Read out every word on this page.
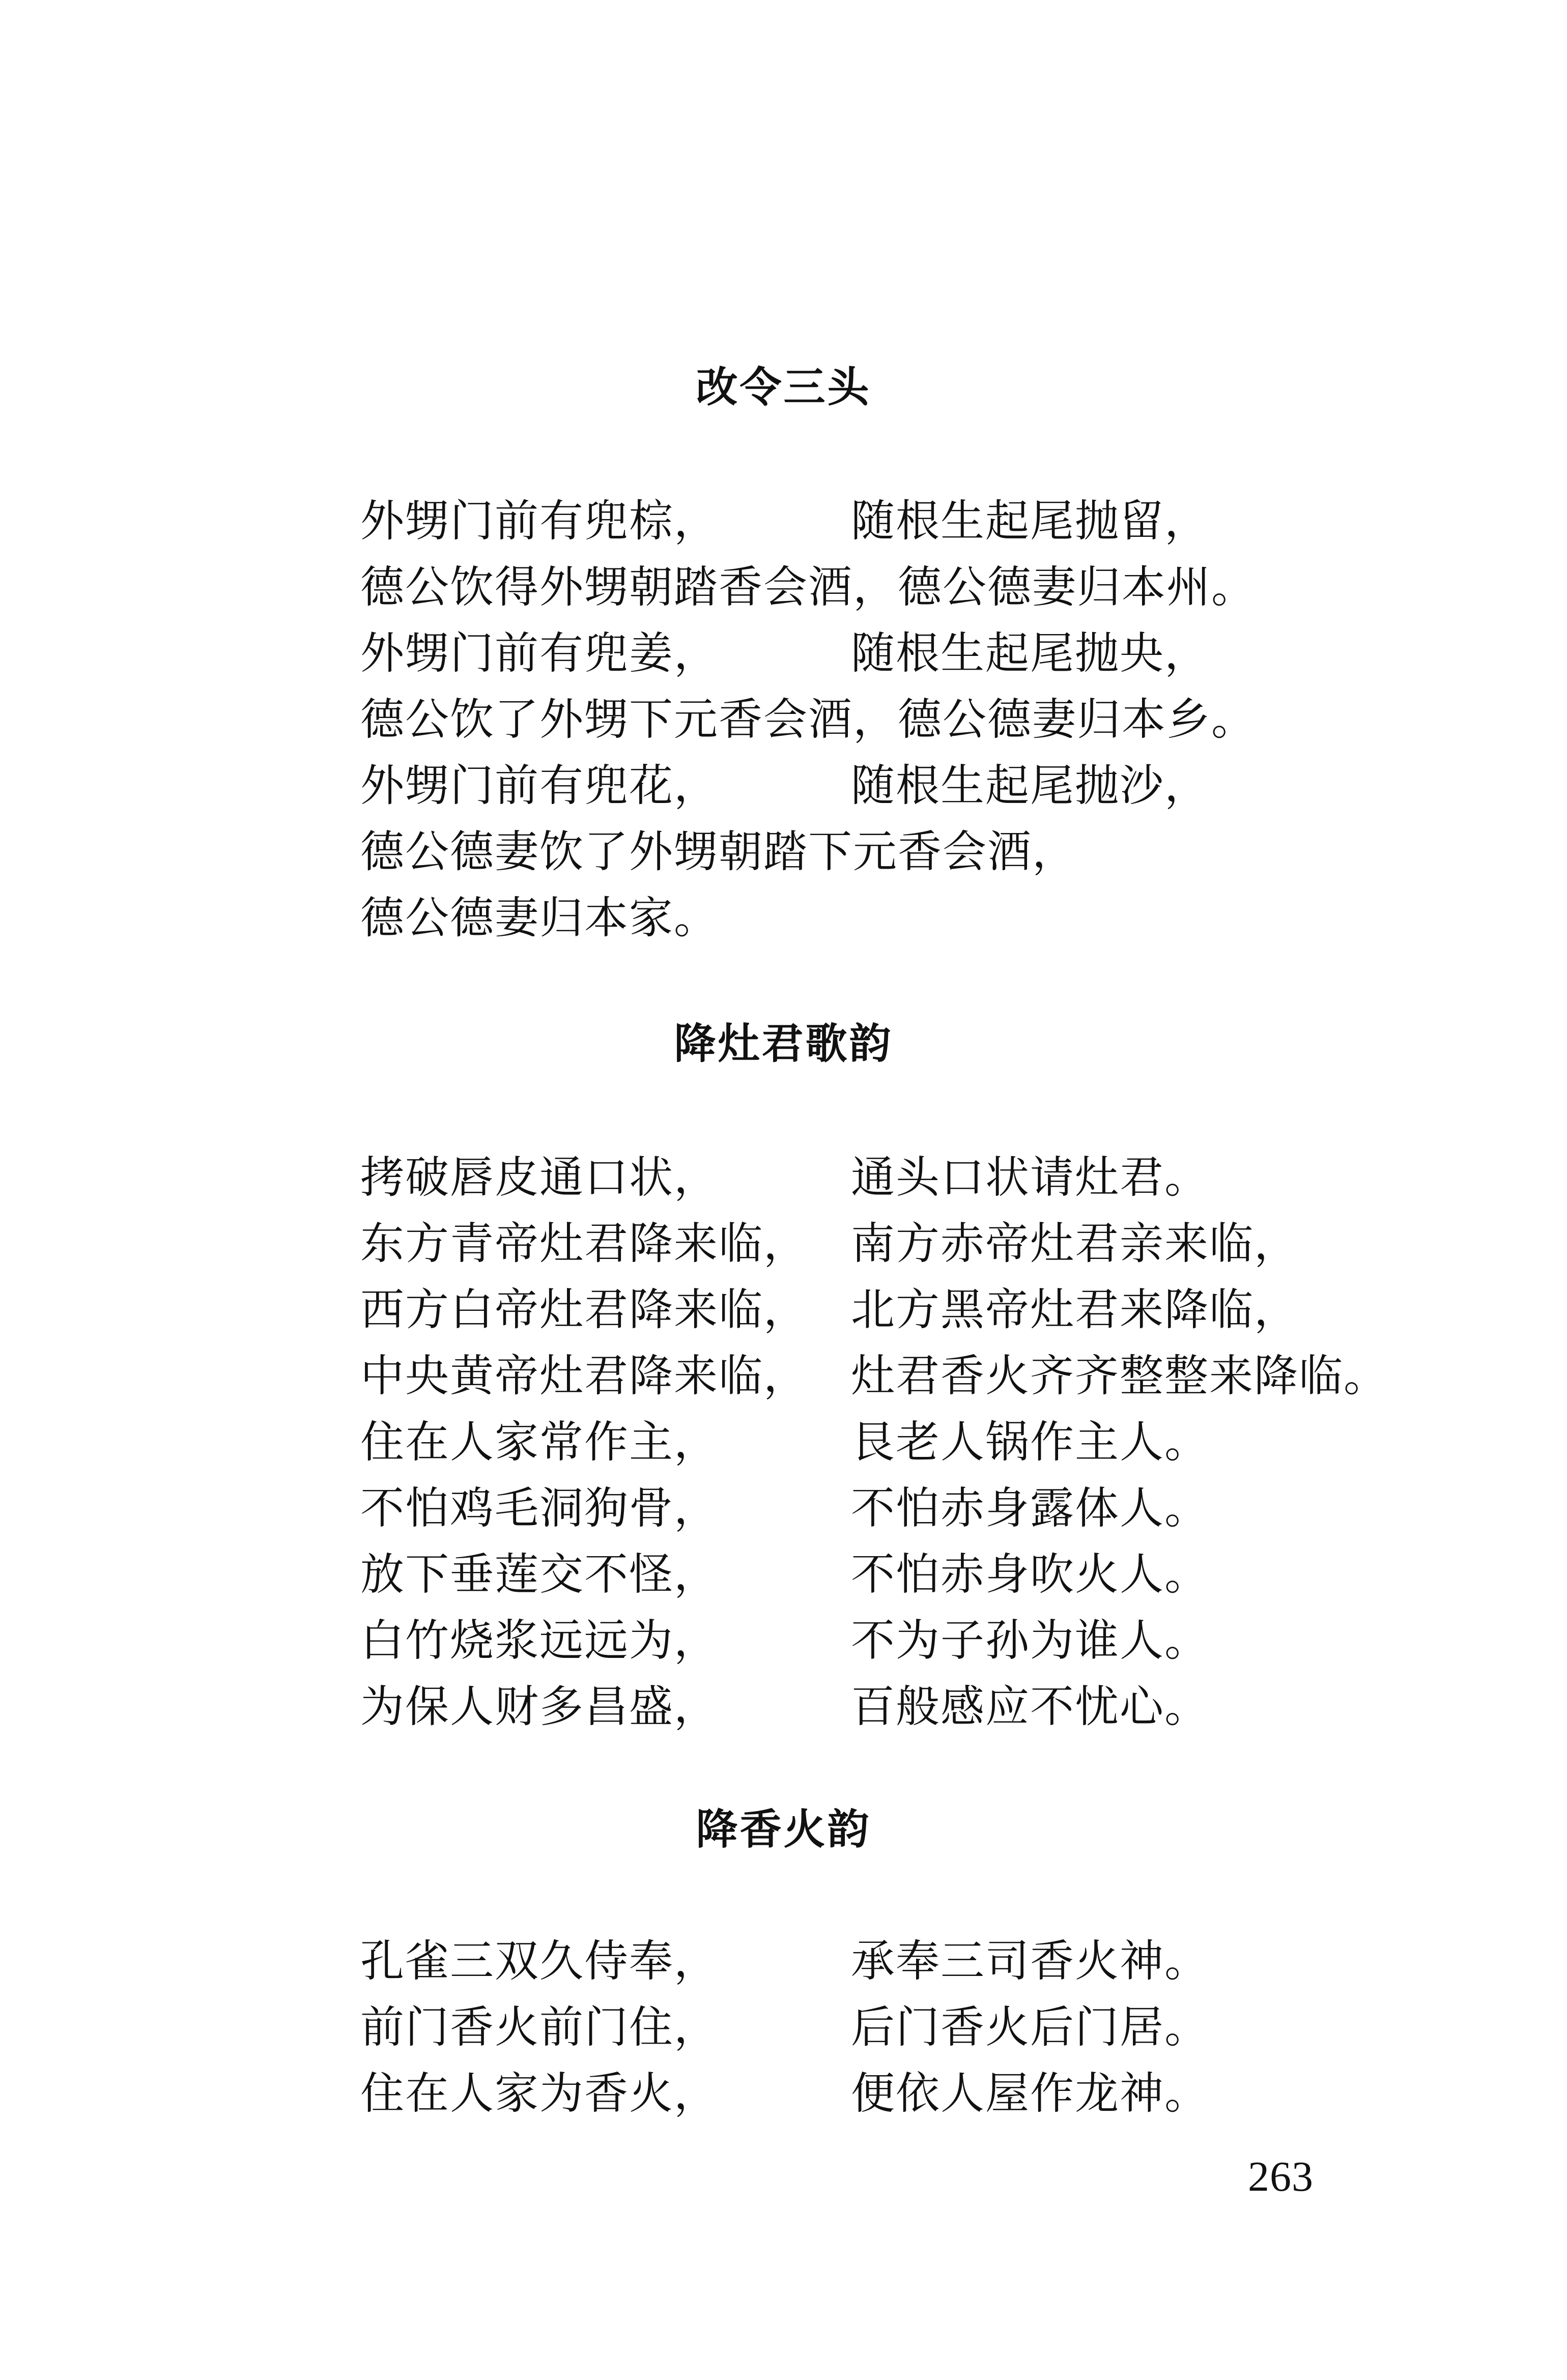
改令三头
外甥门前有兜棕，	随根生起尾抛留，
德公饮得外甥朝踏香会酒，德公德妻归本州。
外甥门前有兜姜，	随根生起尾抛央，
德公饮了外甥下元香会酒，德公德妻归本乡。
外甥门前有兜花，	随根生起尾抛沙，
德公德妻饮了外甥朝踏下元香会酒，
德公德妻归本家。
降灶君歌韵
拷破唇皮通口状，	通头口状请灶君。
东方青帝灶君降来临， 南方赤帝灶君亲来临，
西方白帝灶君降来临， 北方黑帝灶君来降临，
中央黄帝灶君降来临， 灶君香火齐齐整整来降临。
住在人家常作主，	艮老人锅作主人。
不怕鸡毛洞狗骨，	不怕赤身露体人。
放下垂莲交不怪，	不怕赤身吹火人。
白竹烧浆远远为，	不为子孙为谁人。
为保人财多昌盛，	百般感应不忧心。
降香火韵
孔雀三双久侍奉，	承奉三司香火神。
前门香火前门住，	后门香火后门居。
住在人家为香火，	便依人屋作龙神。
263
